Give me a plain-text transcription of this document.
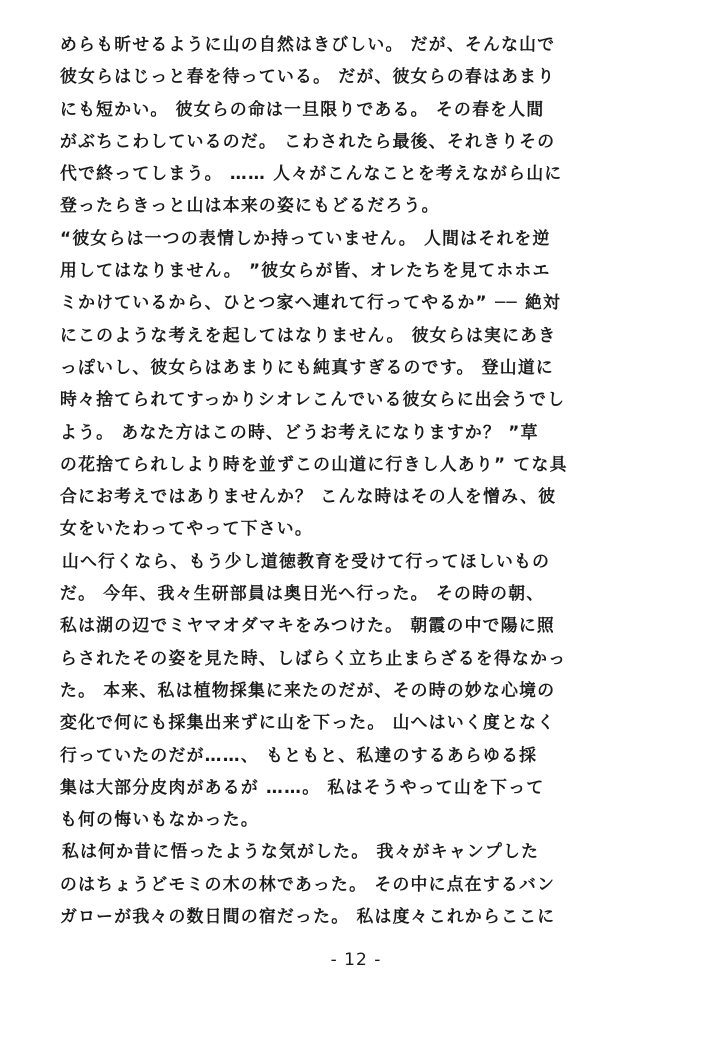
めらも昕せるように山の自然はきびしい。 だが、そんな山で
彼女らはじっと春を待っている。 だが、彼女らの春はあまり
にも短かい。 彼女らの命は一旦限りである。 その春を人間
がぶちこわしているのだ。 こわされたら最後、それきりその
代で終ってしまう。 …… 人々がこんなことを考えながら山に
登ったらきっと山は本来の姿にもどるだろう。
“彼女らは一つの表情しか持っていません。 人間はそれを逆
用してはなりません。 ”彼女らが皆、オレたちを見てホホエ
ミかけているから、ひとつ家へ連れて行ってやるか” ── 絶対
にこのような考えを起してはなりません。 彼女らは実にあき
っぽいし、彼女らはあまりにも純真すぎるのです。 登山道に
時々捨てられてすっかりシオレこんでいる彼女らに出会うでし
よう。 あなた方はこの時、どうお考えになりますか？ ”草
の花捨てられしより時を並ずこの山道に行きし人あり” てな具
合にお考えではありませんか？ こんな時はその人を憎み、彼
女をいたわってやって下さい。
山へ行くなら、もう少し道徳教育を受けて行ってほしいもの
だ。 今年、我々生研部員は奥日光へ行った。 その時の朝、
私は湖の辺でミヤマオダマキをみつけた。 朝霞の中で陽に照
らされたその姿を見た時、しばらく立ち止まらざるを得なかっ
た。 本来、私は植物採集に来たのだが、その時の妙な心境の
変化で何にも採集出来ずに山を下った。 山へはいく度となく
行っていたのだが……、 もともと、私達のするあらゆる採
集は大部分皮肉があるが ……。 私はそうやって山を下って
も何の悔いもなかった。
私は何か昔に悟ったような気がした。 我々がキャンプした
のはちょうどモミの木の林であった。 その中に点在するバン
ガローが我々の数日間の宿だった。 私は度々これからここに
- 12 -
